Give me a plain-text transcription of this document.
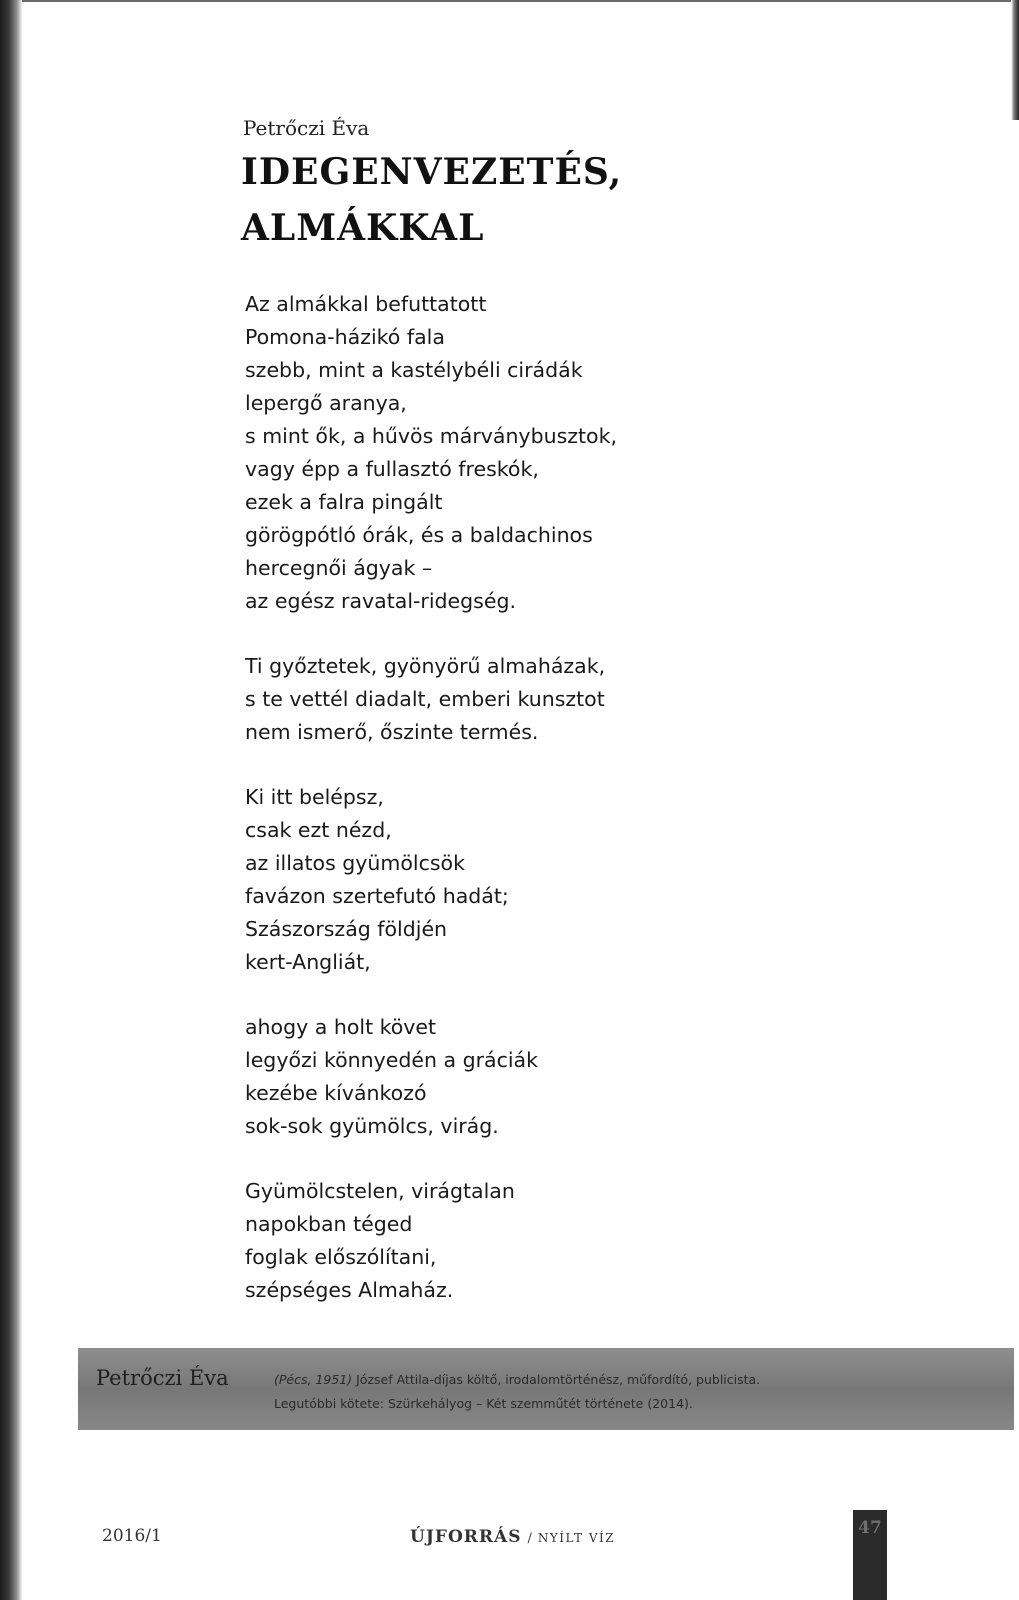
Petrőczi Éva
IDEGENVEZETÉS,
ALMÁKKAL
Az almákkal befuttatott
Pomona-házikó fala
szebb, mint a kastélybéli cirádák
lepergő aranya,
s mint ők, a hűvös márványbusztok,
vagy épp a fullasztó freskók,
ezek a falra pingált
görögpótló órák, és a baldachinos
hercegnői ágyak –
az egész ravatal-ridegség.
Ti győztetek, gyönyörű almaházak,
s te vettél diadalt, emberi kunsztot
nem ismerő, őszinte termés.
Ki itt belépsz,
csak ezt nézd,
az illatos gyümölcsök
favázon szertefutó hadát;
Szászország földjén
kert-Angliát,
ahogy a holt követ
legyőzi könnyedén a gráciák
kezébe kívánkozó
sok-sok gyümölcs, virág.
Gyümölcstelen, virágtalan
napokban téged
foglak előszólítani,
szépséges Almaház.
Petrőczi Éva	(Pécs, 1951) József Attila-díjas költő, irodalomtörténész, műfordító, publicista.
Legutóbbi kötete: Szürkehályog – Két szemműtét története (2014).
2016/1	ÚJFORRÁS / NYÍLT VÍZ	47
